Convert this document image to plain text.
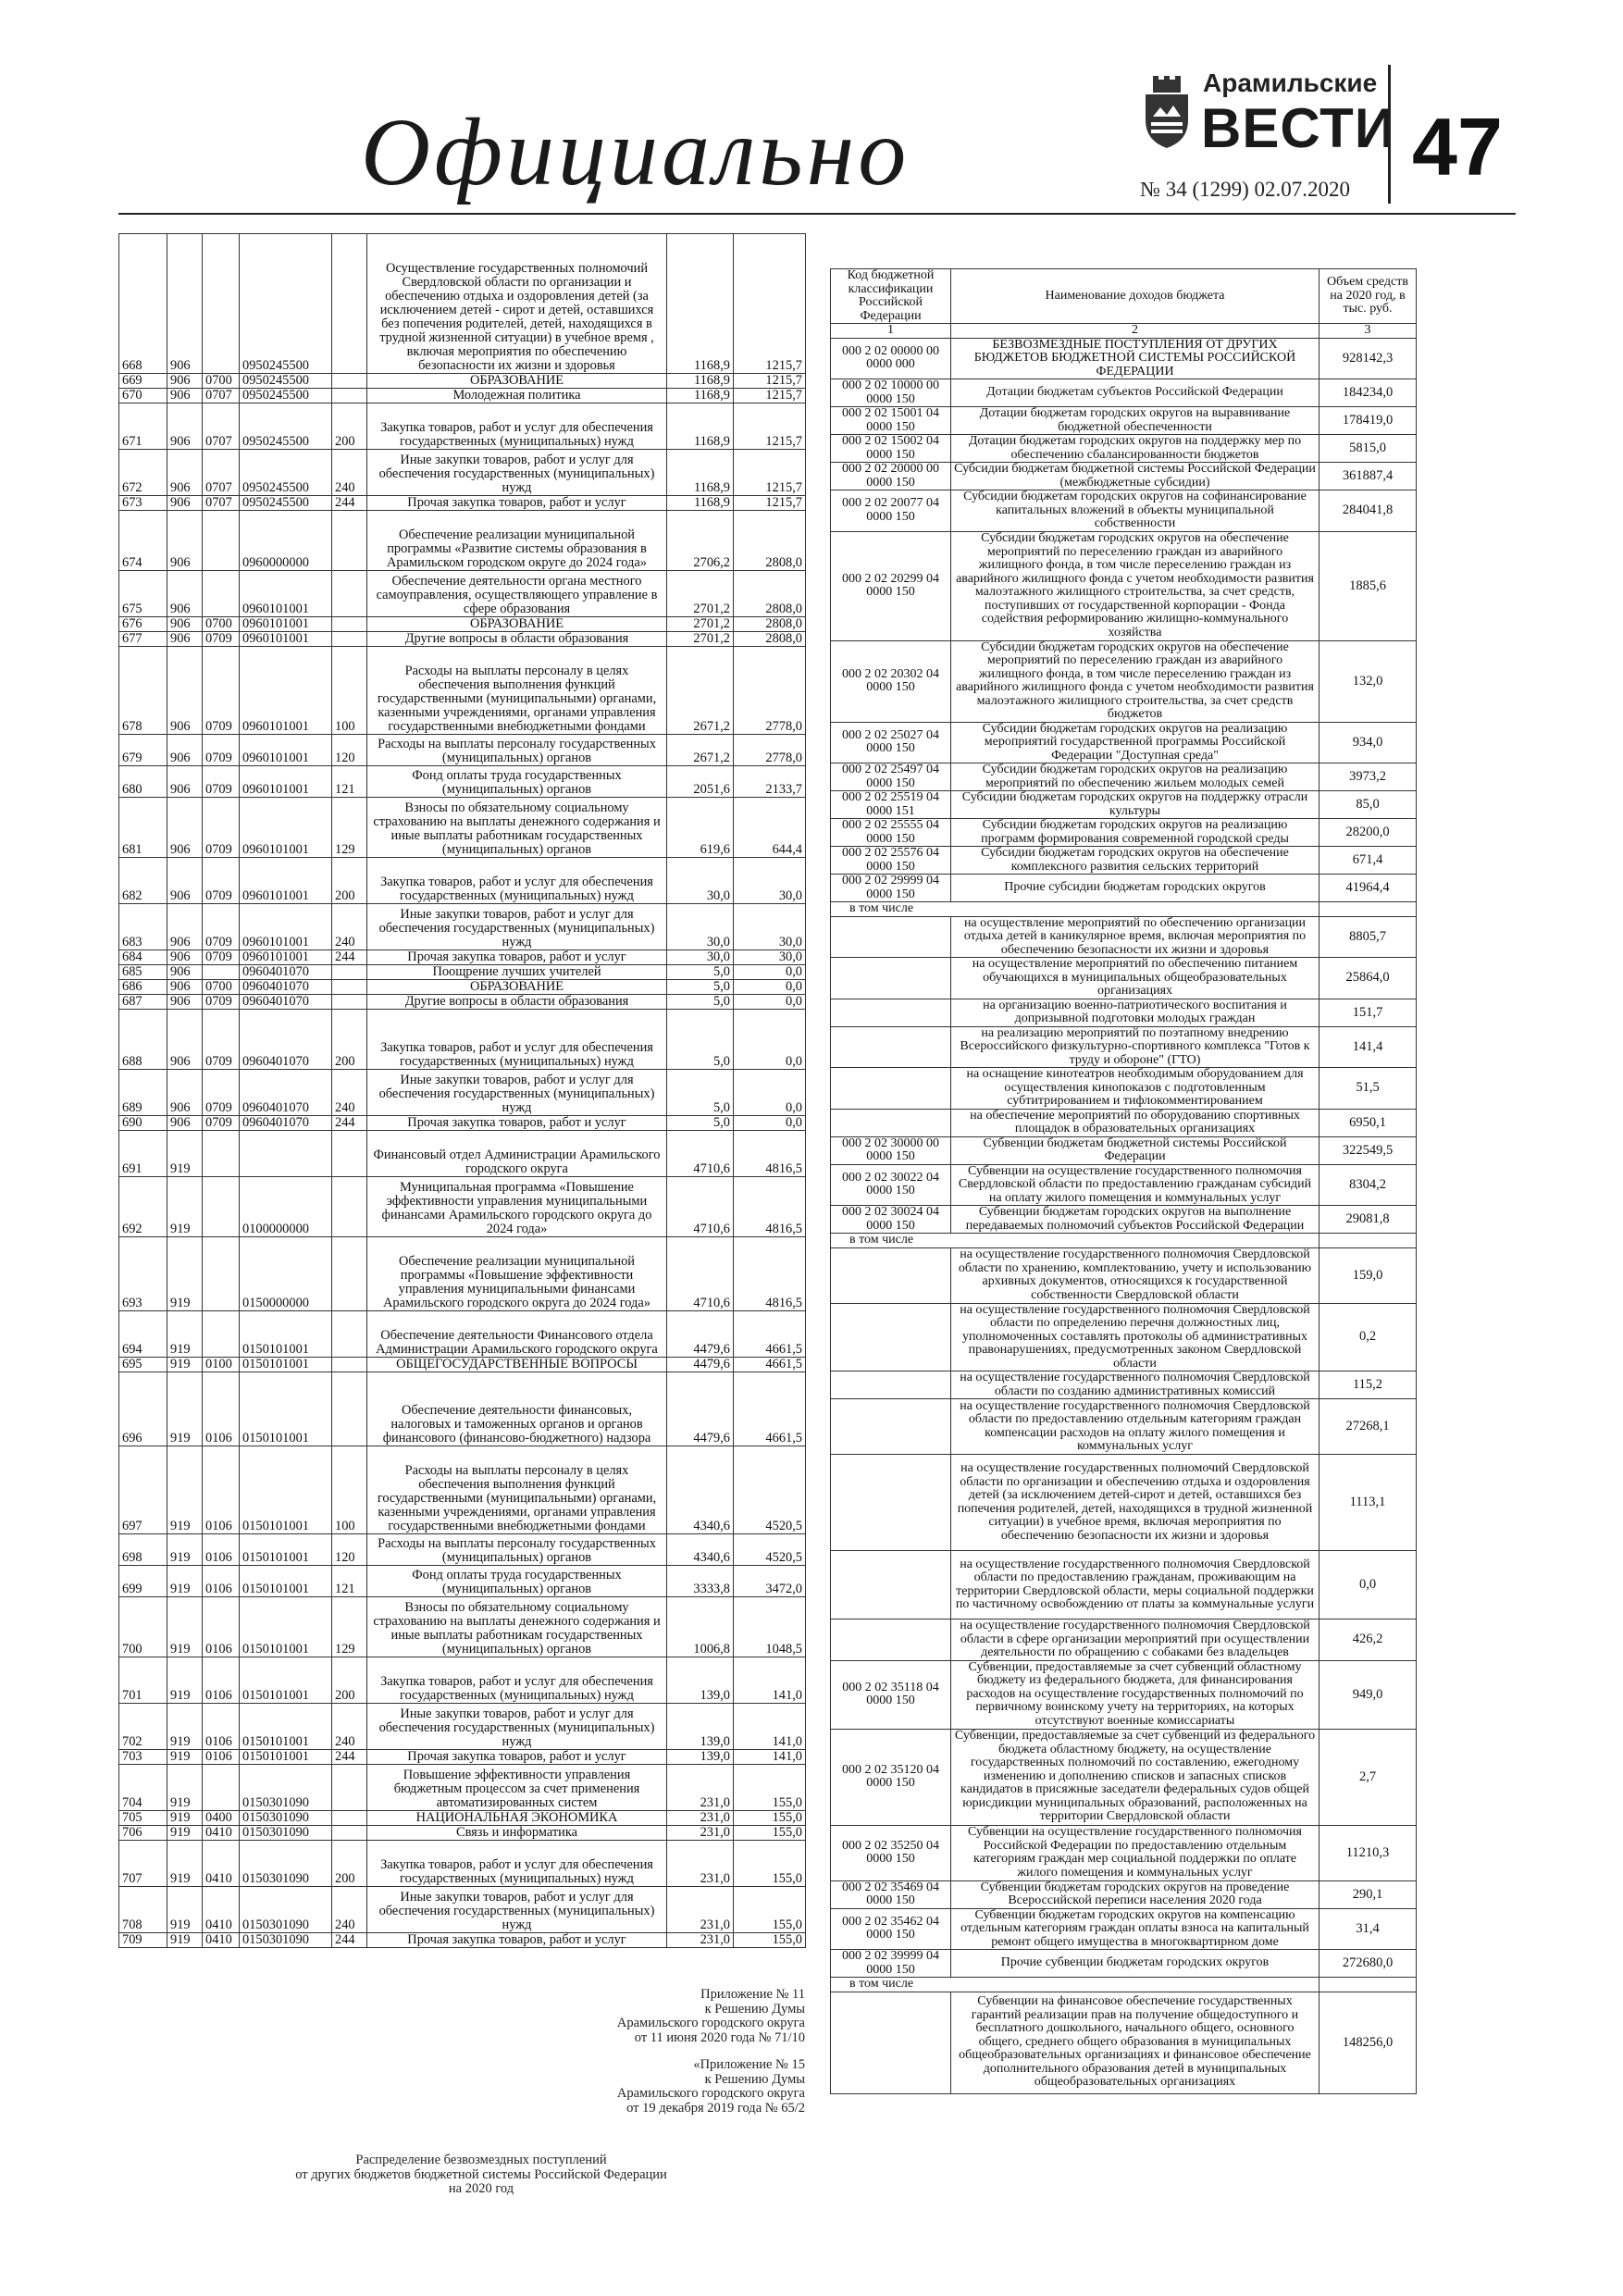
Официально
Арамильские
ВЕСТИ
№ 34 (1299) 02.07.2020 47
668	906		0950245500		Осуществление государственных полномочий Свердловской области по организации и обеспечению отдыха и оздоровления детей (за исключением детей - сирот и детей, оставшихся без попечения родителей, детей, находящихся в трудной жизненной ситуации) в учебное время , включая мероприятия по обеспечению безопасности их жизни и здоровья	1168,9	1215,7
669	906	0700	0950245500		ОБРАЗОВАНИЕ	1168,9	1215,7
670	906	0707	0950245500		Молодежная политика	1168,9	1215,7
671	906	0707	0950245500	200	Закупка товаров, работ и услуг для обеспечения государственных (муниципальных) нужд	1168,9	1215,7
672	906	0707	0950245500	240	Иные закупки товаров, работ и услуг для обеспечения государственных (муниципальных) нужд	1168,9	1215,7
673	906	0707	0950245500	244	Прочая закупка товаров, работ и услуг	1168,9	1215,7
674	906		0960000000		Обеспечение реализации муниципальной программы «Развитие системы образования в Арамильском городском округе до 2024 года»	2706,2	2808,0
675	906		0960101001		Обеспечение деятельности органа местного самоуправления, осуществляющего управление в сфере образования	2701,2	2808,0
676	906	0700	0960101001		ОБРАЗОВАНИЕ	2701,2	2808,0
677	906	0709	0960101001		Другие вопросы в области образования	2701,2	2808,0
678	906	0709	0960101001	100	Расходы на выплаты персоналу в целях обеспечения выполнения функций государственными (муниципальными) органами, казенными учреждениями, органами управления государственными внебюджетными фондами	2671,2	2778,0
679	906	0709	0960101001	120	Расходы на выплаты персоналу государственных (муниципальных) органов	2671,2	2778,0
680	906	0709	0960101001	121	Фонд оплаты труда государственных (муниципальных) органов	2051,6	2133,7
681	906	0709	0960101001	129	Взносы по обязательному социальному страхованию на выплаты денежного содержания и иные выплаты работникам государственных (муниципальных) органов	619,6	644,4
682	906	0709	0960101001	200	Закупка товаров, работ и услуг для обеспечения государственных (муниципальных) нужд	30,0	30,0
683	906	0709	0960101001	240	Иные закупки товаров, работ и услуг для обеспечения государственных (муниципальных) нужд	30,0	30,0
684	906	0709	0960101001	244	Прочая закупка товаров, работ и услуг	30,0	30,0
685	906		0960401070		Поощрение лучших учителей	5,0	0,0
686	906	0700	0960401070		ОБРАЗОВАНИЕ	5,0	0,0
687	906	0709	0960401070		Другие вопросы в области образования	5,0	0,0
688	906	0709	0960401070	200	Закупка товаров, работ и услуг для обеспечения государственных (муниципальных) нужд	5,0	0,0
689	906	0709	0960401070	240	Иные закупки товаров, работ и услуг для обеспечения государственных (муниципальных) нужд	5,0	0,0
690	906	0709	0960401070	244	Прочая закупка товаров, работ и услуг	5,0	0,0
691	919				Финансовый отдел Администрации Арамильского городского округа	4710,6	4816,5
692	919		0100000000		Муниципальная программа «Повышение эффективности управления муниципальными финансами Арамильского городского округа до 2024 года»	4710,6	4816,5
693	919		0150000000		Обеспечение реализации муниципальной программы «Повышение эффективности управления муниципальными финансами Арамильского городского округа до 2024 года»	4710,6	4816,5
694	919		0150101001		Обеспечение деятельности Финансового отдела Администрации Арамильского городского округа	4479,6	4661,5
695	919	0100	0150101001		ОБЩЕГОСУДАРСТВЕННЫЕ ВОПРОСЫ	4479,6	4661,5
696	919	0106	0150101001		Обеспечение деятельности финансовых, налоговых и таможенных органов и органов финансового (финансово-бюджетного) надзора	4479,6	4661,5
697	919	0106	0150101001	100	Расходы на выплаты персоналу в целях обеспечения выполнения функций государственными (муниципальными) органами, казенными учреждениями, органами управления государственными внебюджетными фондами	4340,6	4520,5
698	919	0106	0150101001	120	Расходы на выплаты персоналу государственных (муниципальных) органов	4340,6	4520,5
699	919	0106	0150101001	121	Фонд оплаты труда государственных (муниципальных) органов	3333,8	3472,0
700	919	0106	0150101001	129	Взносы по обязательному социальному страхованию на выплаты денежного содержания и иные выплаты работникам государственных (муниципальных) органов	1006,8	1048,5
701	919	0106	0150101001	200	Закупка товаров, работ и услуг для обеспечения государственных (муниципальных) нужд	139,0	141,0
702	919	0106	0150101001	240	Иные закупки товаров, работ и услуг для обеспечения государственных (муниципальных) нужд	139,0	141,0
703	919	0106	0150101001	244	Прочая закупка товаров, работ и услуг	139,0	141,0
704	919		0150301090		Повышение эффективности управления бюджетным процессом за счет применения автоматизированных систем	231,0	155,0
705	919	0400	0150301090		НАЦИОНАЛЬНАЯ ЭКОНОМИКА	231,0	155,0
706	919	0410	0150301090		Связь и информатика	231,0	155,0
707	919	0410	0150301090	200	Закупка товаров, работ и услуг для обеспечения государственных (муниципальных) нужд	231,0	155,0
708	919	0410	0150301090	240	Иные закупки товаров, работ и услуг для обеспечения государственных (муниципальных) нужд	231,0	155,0
709	919	0410	0150301090	244	Прочая закупка товаров, работ и услуг	231,0	155,0
Приложение № 11
к Решению Думы
Арамильского городского округа
от 11 июня 2020 года № 71/10
«Приложение № 15
к Решению Думы
Арамильского городского округа
от 19 декабря 2019 года № 65/2
Распределение безвозмездных поступлений
от других бюджетов бюджетной системы Российской Федерации
на 2020 год
Код бюджетной классификации Российской Федерации	Наименование доходов бюджета	Объем средств на 2020 год, в тыс. руб.
1	2	3
000 2 02 00000 00 0000 000	БЕЗВОЗМЕЗДНЫЕ ПОСТУПЛЕНИЯ ОТ ДРУГИХ БЮДЖЕТОВ БЮДЖЕТНОЙ СИСТЕМЫ РОССИЙСКОЙ ФЕДЕРАЦИИ	928142,3
000 2 02 10000 00 0000 150	Дотации бюджетам субъектов Российской Федерации	184234,0
000 2 02 15001 04 0000 150	Дотации бюджетам городских округов на выравнивание бюджетной обеспеченности	178419,0
000 2 02 15002 04 0000 150	Дотации бюджетам городских округов на поддержку мер по обеспечению сбалансированности бюджетов	5815,0
000 2 02 20000 00 0000 150	Субсидии бюджетам бюджетной системы Российской Федерации (межбюджетные субсидии)	361887,4
000 2 02 20077 04 0000 150	Субсидии бюджетам городских округов на софинансирование капитальных вложений в объекты муниципальной собственности	284041,8
000 2 02 20299 04 0000 150	Субсидии бюджетам городских округов на обеспечение мероприятий по переселению граждан из аварийного жилищного фонда, в том числе переселению граждан из аварийного жилищного фонда с учетом необходимости развития малоэтажного жилищного строительства, за счет средств, поступивших от государственной корпорации - Фонда содействия реформированию жилищно-коммунального хозяйства	1885,6
000 2 02 20302 04 0000 150	Субсидии бюджетам городских округов на обеспечение мероприятий по переселению граждан из аварийного жилищного фонда, в том числе переселению граждан из аварийного жилищного фонда с учетом необходимости развития малоэтажного жилищного строительства, за счет средств бюджетов	132,0
000 2 02 25027 04 0000 150	Субсидии бюджетам городских округов на реализацию мероприятий государственной программы Российской Федерации "Доступная среда"	934,0
000 2 02 25497 04 0000 150	Субсидии бюджетам городских округов на реализацию мероприятий по обеспечению жильем молодых семей	3973,2
000 2 02 25519 04 0000 151	Субсидии бюджетам городских округов на поддержку отрасли культуры	85,0
000 2 02 25555 04 0000 150	Субсидии бюджетам городских округов на реализацию программ формирования современной городской среды	28200,0
000 2 02 25576 04 0000 150	Субсидии бюджетам городских округов на обеспечение комплексного развития сельских территорий	671,4
000 2 02 29999 04 0000 150	Прочие субсидии бюджетам городских округов	41964,4
в том числе		
	на осуществление мероприятий по обеспечению организации отдыха детей в каникулярное время, включая мероприятия по обеспечению безопасности их жизни и здоровья	8805,7
	на осуществление мероприятий по обеспечению питанием обучающихся в муниципальных общеобразовательных организациях	25864,0
	на организацию военно-патриотического воспитания и допризывной подготовки молодых граждан	151,7
	на реализацию мероприятий по поэтапному внедрению Всероссийского физкультурно-спортивного комплекса "Готов к труду и обороне" (ГТО)	141,4
	на оснащение кинотеатров необходимым оборудованием для осуществления кинопоказов с подготовленным субтитрированием и тифлокомментированием	51,5
	на обеспечение мероприятий по оборудованию спортивных площадок в образовательных организациях	6950,1
000 2 02 30000 00 0000 150	Субвенции бюджетам бюджетной системы Российской Федерации	322549,5
000 2 02 30022 04 0000 150	Субвенции на осуществление государственного полномочия Свердловской области по предоставлению гражданам субсидий на оплату жилого помещения и коммунальных услуг	8304,2
000 2 02 30024 04 0000 150	Субвенции бюджетам городских округов на выполнение передаваемых полномочий субъектов Российской Федерации	29081,8
в том числе		
	на осуществление государственного полномочия Свердловской области по хранению, комплектованию, учету и использованию архивных документов, относящихся к государственной собственности Свердловской области	159,0
	на осуществление государственного полномочия Свердловской области по определению перечня должностных лиц, уполномоченных составлять протоколы об административных правонарушениях, предусмотренных законом Свердловской области	0,2
	на осуществление государственного полномочия Свердловской области по созданию административных комиссий	115,2
	на осуществление государственного полномочия Свердловской области по предоставлению отдельным категориям граждан компенсации расходов на оплату жилого помещения и коммунальных услуг	27268,1
	на осуществление государственных полномочий Свердловской области по организации и обеспечению отдыха и оздоровления детей (за исключением детей-сирот и детей, оставшихся без попечения родителей, детей, находящихся в трудной жизненной ситуации) в учебное время, включая мероприятия по обеспечению безопасности их жизни и здоровья	1113,1
	на осуществление государственного полномочия Свердловской области по предоставлению гражданам, проживающим на территории Свердловской области, меры социальной поддержки по частичному освобождению от платы за коммунальные услуги	0,0
	на осуществление государственного полномочия Свердловской области в сфере организации мероприятий при осуществлении деятельности по обращению с собаками без владельцев	426,2
000 2 02 35118 04 0000 150	Субвенции, предоставляемые за счет субвенций областному бюджету из федерального бюджета, для финансирования расходов на осуществление государственных полномочий по первичному воинскому учету на территориях, на которых отсутствуют военные комиссариаты	949,0
000 2 02 35120 04 0000 150	Субвенции, предоставляемые за счет субвенций из федерального бюджета областному бюджету, на осуществление государственных полномочий по составлению, ежегодному изменению и дополнению списков и запасных списков кандидатов в присяжные заседатели федеральных судов общей юрисдикции муниципальных образований, расположенных на территории Свердловской области	2,7
000 2 02 35250 04 0000 150	Субвенции на осуществление государственного полномочия Российской Федерации по предоставлению отдельным категориям граждан мер социальной поддержки по оплате жилого помещения и коммунальных услуг	11210,3
000 2 02 35469 04 0000 150	Субвенции бюджетам городских округов на проведение Всероссийской переписи населения 2020 года	290,1
000 2 02 35462 04 0000 150	Субвенции бюджетам городских округов на компенсацию отдельным категориям граждан оплаты взноса на капитальный ремонт общего имущества в многоквартирном доме	31,4
000 2 02 39999 04 0000 150	Прочие субвенции бюджетам городских округов	272680,0
в том числе		
	Субвенции на финансовое обеспечение государственных гарантий реализации прав на получение общедоступного и бесплатного дошкольного, начального общего, основного общего, среднего общего образования в муниципальных общеобразовательных организациях и финансовое обеспечение дополнительного образования детей в муниципальных общеобразовательных организациях	148256,0
